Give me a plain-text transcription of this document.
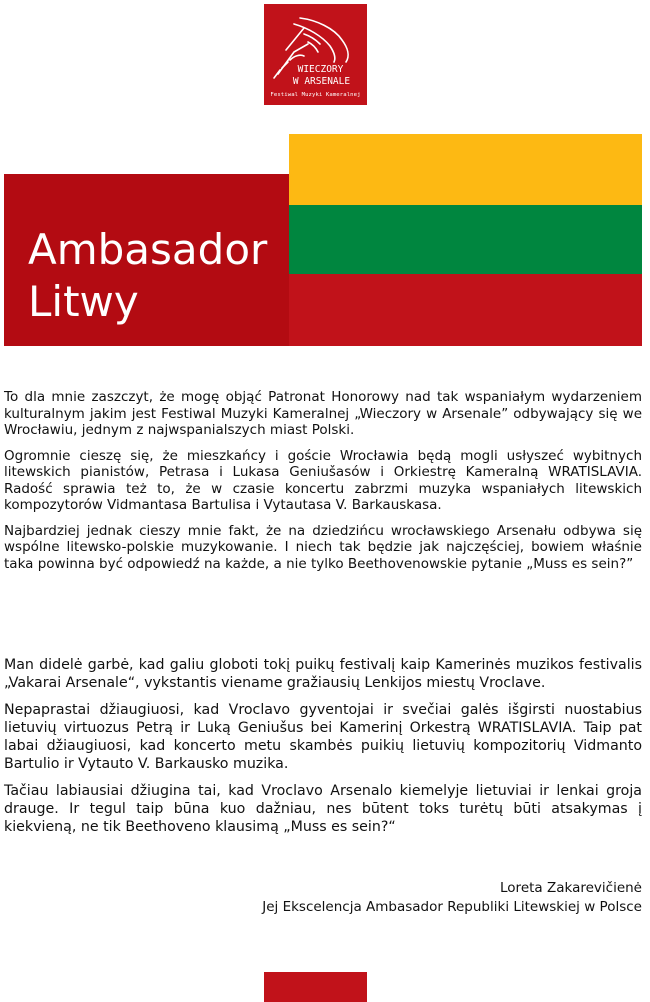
WIECZORY
W ARSENALE
Festiwal Muzyki Kameralnej
Ambasador
Litwy

To dla mnie zaszczyt, że mogę objąć Patronat Honorowy nad tak wspaniałym wydarzeniem kulturalnym jakim jest Festiwal Muzyki Kameralnej „Wieczory w Arsenale” odbywający się we Wrocławiu, jednym z najwspanialszych miast Polski.

Ogromnie cieszę się, że mieszkańcy i goście Wrocławia będą mogli usłyszeć wybitnych litewskich pianistów, Petrasa i Lukasa Geniušasów i Orkiestrę Kameralną WRATISLAVIA. Radość sprawia też to, że w czasie koncertu zabrzmi muzyka wspaniałych litewskich kompozytorów Vidmantasa Bartulisa i Vytautasa V. Barkauskasa.

Najbardziej jednak cieszy mnie fakt, że na dziedzińcu wrocławskiego Arsenału odbywa się wspólne litewsko-polskie muzykowanie. I niech tak będzie jak najczęściej, bowiem właśnie taka powinna być odpowiedź na każde, a nie tylko Beethovenowskie pytanie „Muss es sein?”

Man didelė garbė, kad galiu globoti tokį puikų festivalį kaip Kamerinės muzikos festivalis „Vakarai Arsenale“, vykstantis viename gražiausių Lenkijos miestų Vroclave.

Nepaprastai džiaugiuosi, kad Vroclavo gyventojai ir svečiai galės išgirsti nuostabius lietuvių virtuozus Petrą ir Luką Geniušus bei Kamerinį Orkestrą WRATISLAVIA. Taip pat labai džiaugiuosi, kad koncerto metu skambės puikių lietuvių kompozitorių Vidmanto Bartulio ir Vytauto V. Barkausko muzika.

Tačiau labiausiai džiugina tai, kad Vroclavo Arsenalo kiemelyje lietuviai ir lenkai groja drauge. Ir tegul taip būna kuo dažniau, nes būtent toks turėtų būti atsakymas į kiekvieną, ne tik Beethoveno klausimą „Muss es sein?“

Loreta Zakarevičienė
Jej Ekscelencja Ambasador Republiki Litewskiej w Polsce
